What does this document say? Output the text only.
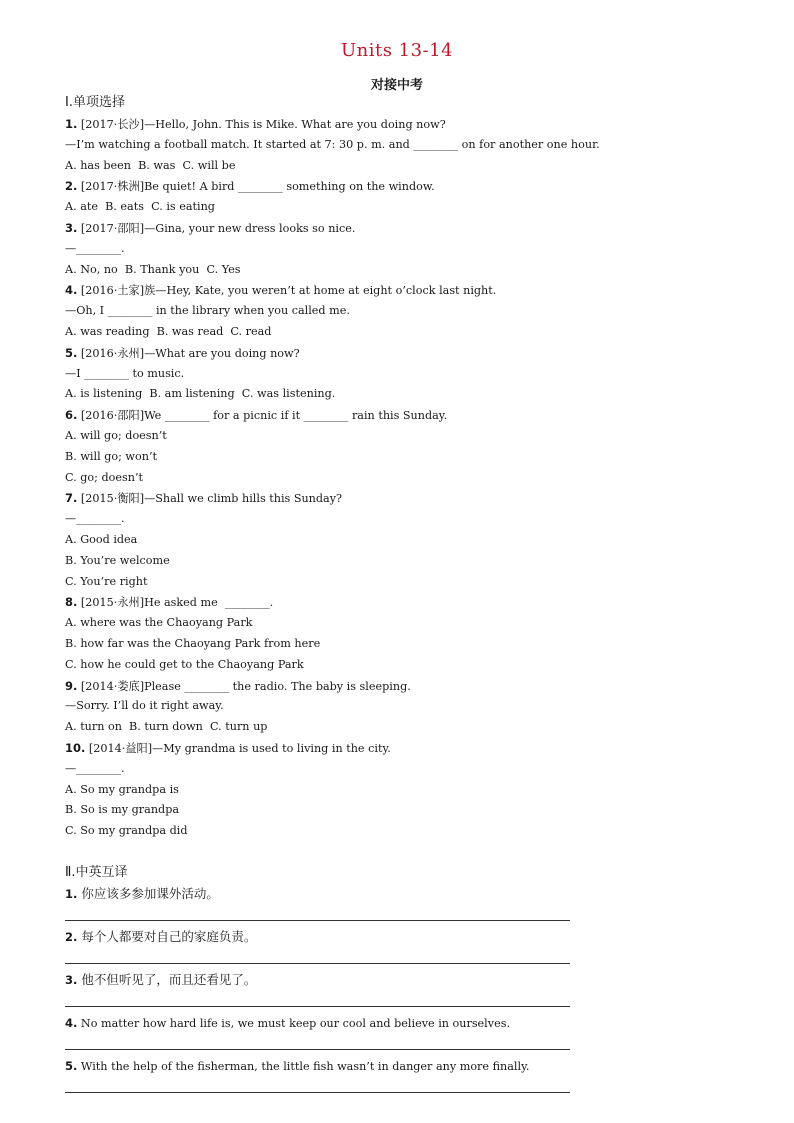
Units 13-14
对接中考
Ⅰ.单项选择
1. [2017·长沙]—Hello, John. This is Mike. What are you doing now?
—I’m watching a football match. It started at 7: 30 p. m. and ________ on for another one hour.
A. has been  B. was  C. will be
2. [2017·株洲]Be quiet! A bird ________ something on the window.
A. ate  B. eats  C. is eating
3. [2017·邵阳]—Gina, your new dress looks so nice.
—________.
A. No, no  B. Thank you  C. Yes
4. [2016·土家]族—Hey, Kate, you weren’t at home at eight o’clock last night.
—Oh, I ________ in the library when you called me.
A. was reading  B. was read  C. read
5. [2016·永州]—What are you doing now?
—I ________ to music.
A. is listening  B. am listening  C. was listening.
6. [2016·邵阳]We ________ for a picnic if it ________ rain this Sunday.
A. will go; doesn’t
B. will go; won’t
C. go; doesn’t
7. [2015·衡阳]—Shall we climb hills this Sunday?
—________.
A. Good idea
B. You’re welcome
C. You’re right
8. [2015·永州]He asked me  ________.
A. where was the Chaoyang Park
B. how far was the Chaoyang Park from here
C. how he could get to the Chaoyang Park
9. [2014·娄底]Please ________ the radio. The baby is sleeping.
—Sorry. I’ll do it right away.
A. turn on  B. turn down  C. turn up
10. [2014·益阳]—My grandma is used to living in the city.
—________.
A. So my grandpa is
B. So is my grandpa
C. So my grandpa did
Ⅱ.中英互译
1. 你应该多参加课外活动。
2. 每个人都要对自己的家庭负责。
3. 他不但听见了，而且还看见了。
4. No matter how hard life is, we must keep our cool and believe in ourselves.
5. With the help of the fisherman, the little fish wasn’t in danger any more finally.
